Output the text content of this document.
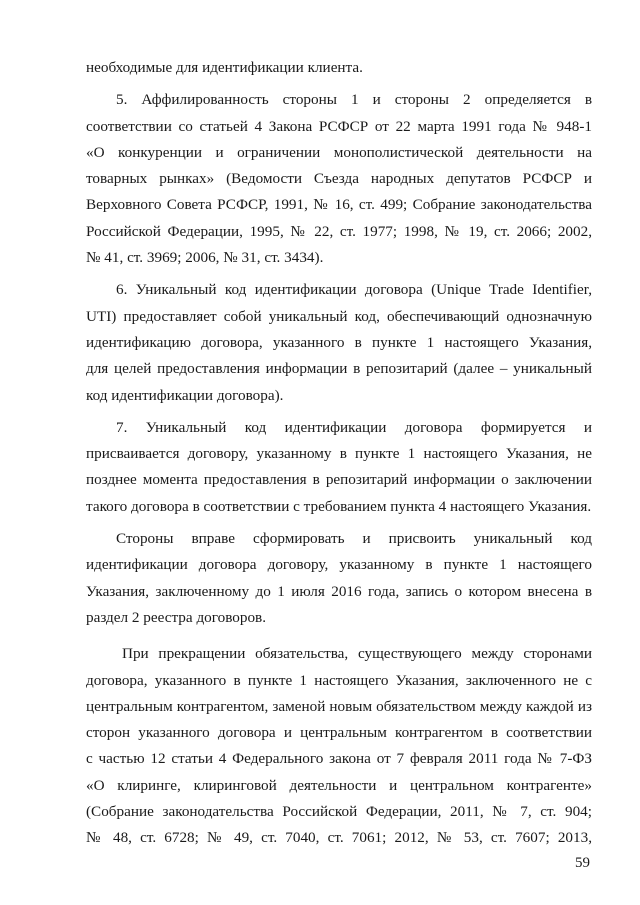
необходимые для идентификации клиента.
5. Аффилированность стороны 1 и стороны 2 определяется в
соответствии со статьей 4 Закона РСФСР от 22 марта 1991 года № 948-1
«О конкуренции и ограничении монополистической деятельности на
товарных рынках» (Ведомости Съезда народных депутатов РСФСР и
Верховного Совета РСФСР, 1991, № 16, ст. 499; Собрание законодательства
Российской Федерации, 1995, № 22, ст. 1977; 1998, № 19, ст. 2066; 2002,
№ 41, ст. 3969; 2006, № 31, ст. 3434).
6. Уникальный код идентификации договора (Unique Trade Identifier,
UTI) предоставляет собой уникальный код, обеспечивающий однозначную
идентификацию договора, указанного в пункте 1 настоящего Указания,
для целей предоставления информации в репозитарий (далее – уникальный
код идентификации договора).
7. Уникальный код идентификации договора формируется и
присваивается договору, указанному в пункте 1 настоящего Указания, не
позднее момента предоставления в репозитарий информации о заключении
такого договора в соответствии с требованием пункта 4 настоящего Указания.
Стороны вправе сформировать и присвоить уникальный код
идентификации договора договору, указанному в пункте 1 настоящего
Указания, заключенному до 1 июля 2016 года, запись о котором внесена в
раздел 2 реестра договоров.
При прекращении обязательства, существующего между сторонами
договора, указанного в пункте 1 настоящего Указания, заключенного не с
центральным контрагентом, заменой новым обязательством между каждой из
сторон указанного договора и центральным контрагентом в соответствии
с частью 12 статьи 4 Федерального закона от 7 февраля 2011 года № 7-ФЗ
«О клиринге, клиринговой деятельности и центральном контрагенте»
(Собрание законодательства Российской Федерации, 2011, № 7, ст. 904;
№ 48, ст. 6728; № 49, ст. 7040, ст. 7061; 2012, № 53, ст. 7607; 2013,
59
